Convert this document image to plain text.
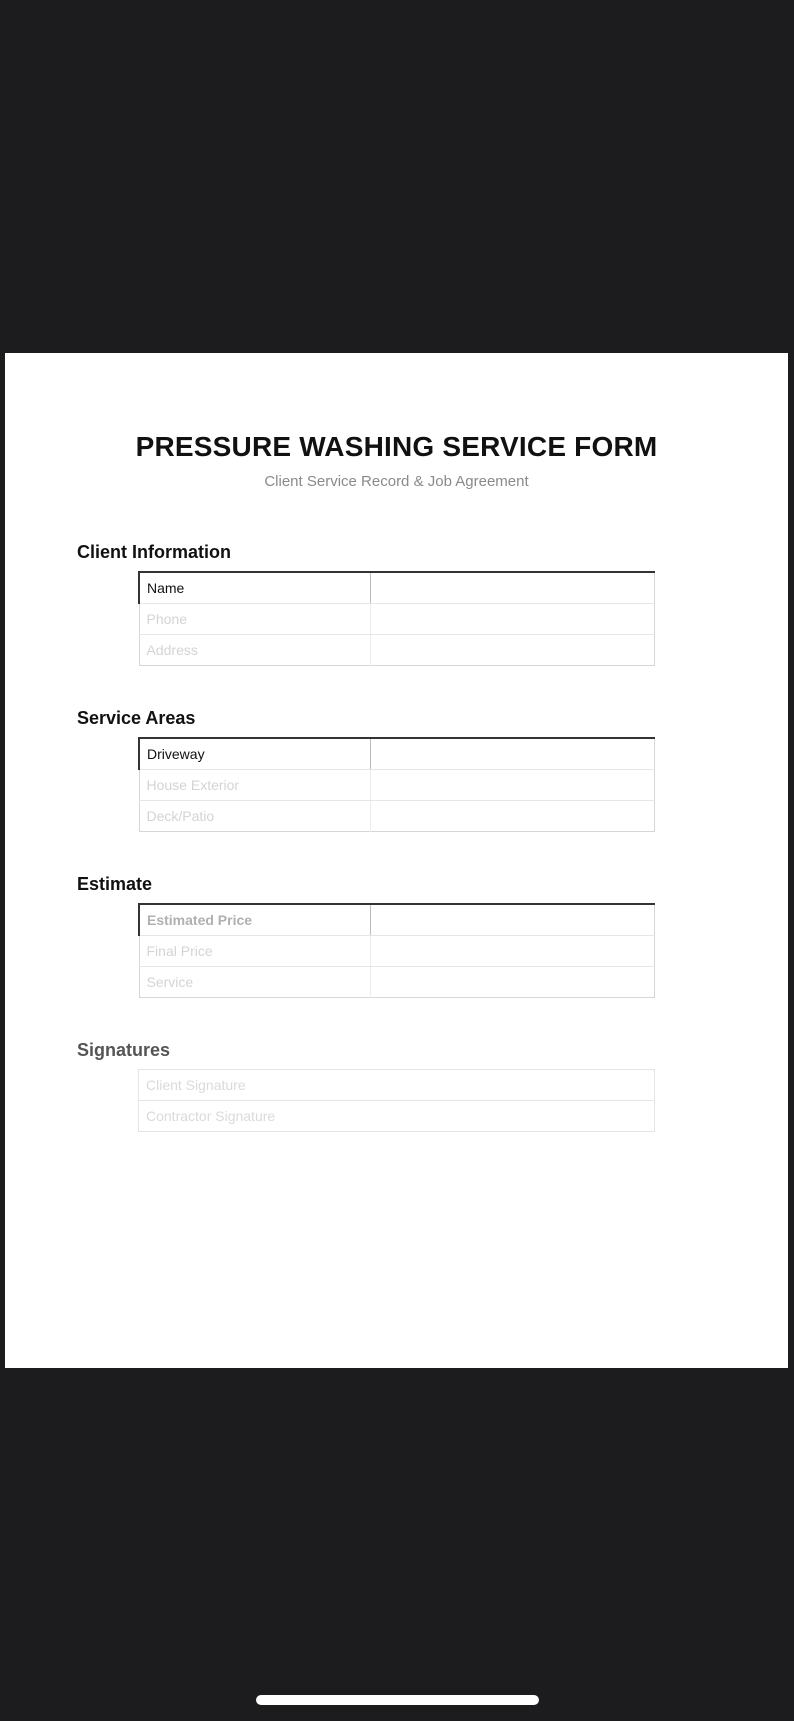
PRESSURE WASHING SERVICE FORM
Client Service Record & Job Agreement
Client Information
Name	
Phone	
Address	
Service Areas
Driveway	
House Exterior	
Deck/Patio	
Estimate
Estimated Price	
Final Price	
Service	
Signatures
Client Signature
Contractor Signature
